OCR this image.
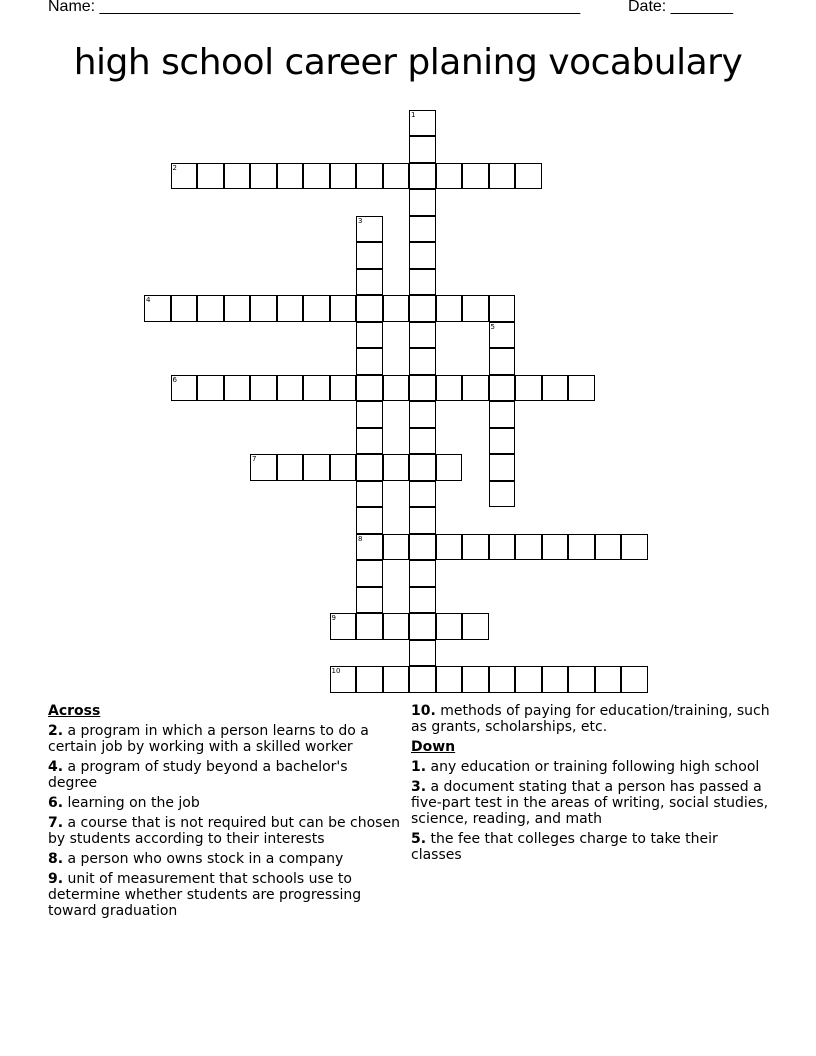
Name: ______________________________________________________	Date: _______
high school career planing vocabulary
1
2
3
8
4
5
6
7
9
10
Across
2. a program in which a person learns to do a certain job by working with a skilled worker
4. a program of study beyond a bachelor's degree
6. learning on the job
7. a course that is not required but can be chosen by students according to their interests
8. a person who owns stock in a company
9. unit of measurement that schools use to determine whether students are progressing toward graduation
10. methods of paying for education/training, such as grants, scholarships, etc.
Down
1. any education or training following high school
3. a document stating that a person has passed a five-part test in the areas of writing, social studies, science, reading, and math
5. the fee that colleges charge to take their classes
